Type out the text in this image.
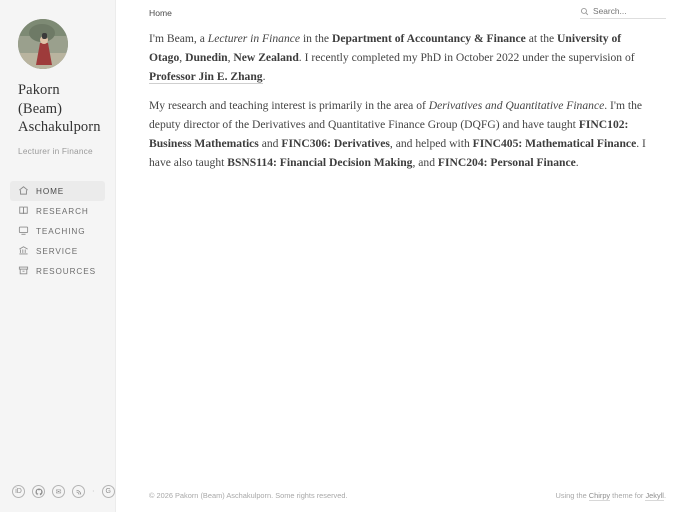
Pakorn (Beam) Aschakulporn
Lecturer in Finance
HOME
RESEARCH
TEACHING
SERVICE
RESOURCES
iD	✉	·	G
Home
Search...

I'm Beam, a Lecturer in Finance in the Department of Accountancy & Finance at the University of Otago, Dunedin, New Zealand. I recently completed my PhD in October 2022 under the supervision of Professor Jin E. Zhang.

My research and teaching interest is primarily in the area of Derivatives and Quantitative Finance. I'm the deputy director of the Derivatives and Quantitative Finance Group (DQFG) and have taught FINC102: Business Mathematics and FINC306: Derivatives, and helped with FINC405: Mathematical Finance. I have also taught BSNS114: Financial Decision Making, and FINC204: Personal Finance.

© 2026 Pakorn (Beam) Aschakulporn. Some rights reserved.	Using the Chirpy theme for Jekyll.
